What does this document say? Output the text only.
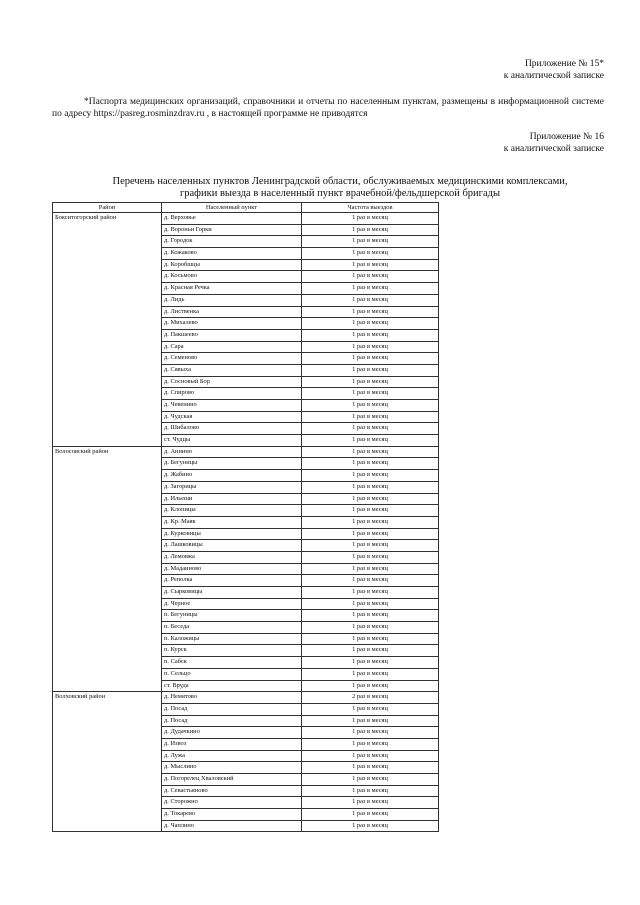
Приложение № 15*
к аналитической записке
*Паспорта медицинских организаций, справочники и отчеты по населенным пунктам, размещены в информационной системе по адресу https://pasreg.rosminzdrav.ru , в настоящей программе не приводятся
Приложение № 16
к аналитической записке
Перечень населенных пунктов Ленинградской области, обслуживаемых медицинскими комплексами,
графики выезда в населенный пункт врачебной/фельдшерской бригады
Район	Населенный пункт	Частота выездов
Бокситогорский район	д. Верховье	1 раз в месяц
	д. Вороньи Горки	1 раз в месяц
	д. Городок	1 раз в месяц
	д. Кожаково	1 раз в месяц
	д. Коробшцы	1 раз в месяц
	д. Косьмово	1 раз в месяц
	д. Красная Речка	1 раз в месяц
	д. Лидь	1 раз в месяц
	д. Лиственка	1 раз в месяц
	д. Михалево	1 раз в месяц
	д. Пакшеево	1 раз в месяц
	д. Сара	1 раз в месяц
	д. Семеново	1 раз в месяц
	д. Сявыха	1 раз в месяц
	д. Сосновый Бор	1 раз в месяц
	д. Спирово	1 раз в месяц
	д. Чевенино	1 раз в месяц
	д. Чудская	1 раз в месяц
	д. Шибалово	1 раз в месяц
	ст. Чудцы	1 раз в месяц
Волосовский район	д. Аннино	1 раз в месяц
	д. Бегуницы	1 раз в месяц
	д. Жабино	1 раз в месяц
	д. Загорицы	1 раз в месяц
	д. Ильеши	1 раз в месяц
	д. Клопицы	1 раз в месяц
	д. Кр. Маяк	1 раз в месяц
	д. Курковицы	1 раз в месяц
	д. Лашковицы	1 раз в месяц
	д. Лемовжа	1 раз в месяц
	д. Мадаиново	1 раз в месяц
	д. Реполка	1 раз в месяц
	д. Сырковицы	1 раз в месяц
	д. Черное	1 раз в месяц
	п. Бегуницы	1 раз в месяц
	п. Беседа	1 раз в месяц
	п. Каложицы	1 раз в месяц
	п. Курск	1 раз в месяц
	п. Сабск	1 раз в месяц
	п. Сельцо	1 раз в месяц
	ст. Вруда	1 раз в месяц
Волховский район	д. Немятово	2 раз в месяц
	д. Посад	1 раз в месяц
	д. Посад	1 раз в месяц
	д. Дудачкино	1 раз в месяц
	д. Извоз	1 раз в месяц
	д. Лужа	1 раз в месяц
	д. Мыслино	1 раз в месяц
	д. Погорелец Хваловский	1 раз в месяц
	д. Севастьяново	1 раз в месяц
	д. Сторожно	1 раз в месяц
	д. Токарево	1 раз в месяц
	д. Чаплино	1 раз в месяц
